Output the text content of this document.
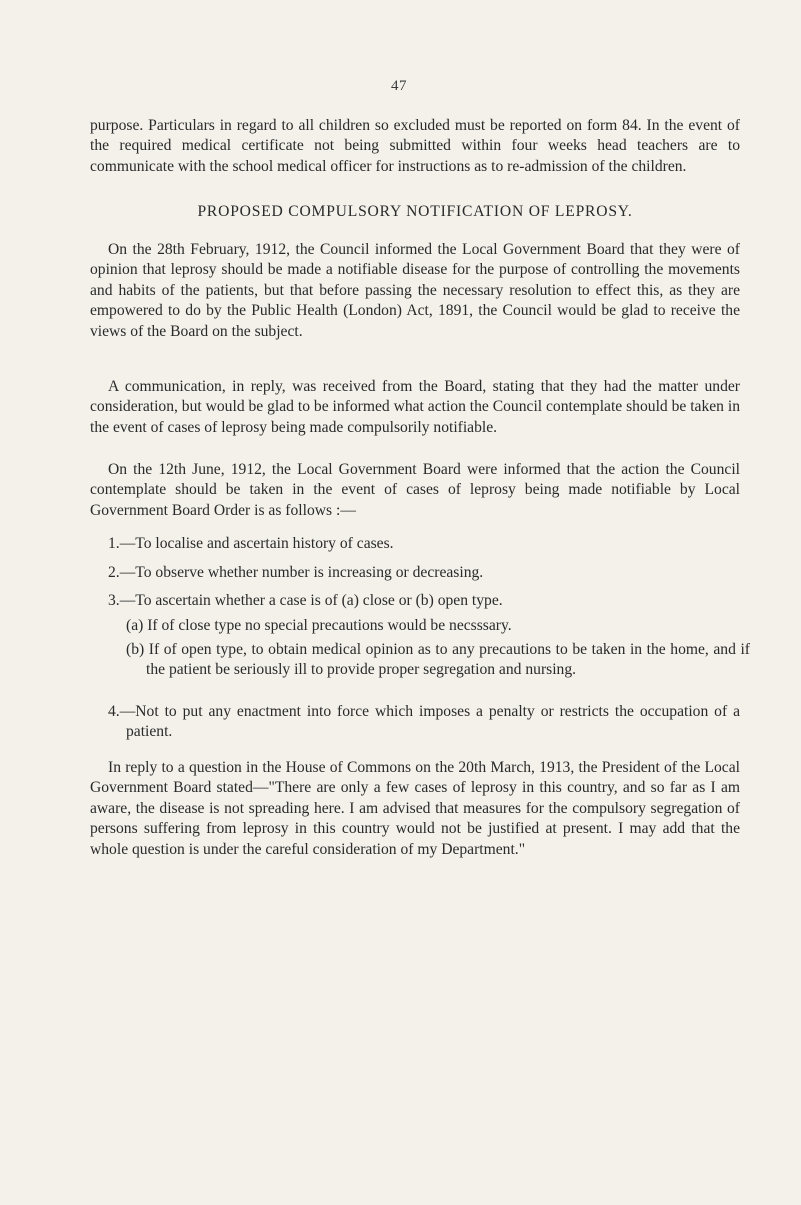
47
purpose. Particulars in regard to all children so excluded must be reported on form 84. In the event of the required medical certificate not being submitted within four weeks head teachers are to communicate with the school medical officer for instructions as to re-admission of the children.
PROPOSED COMPULSORY NOTIFICATION OF LEPROSY.
On the 28th February, 1912, the Council informed the Local Government Board that they were of opinion that leprosy should be made a notifiable disease for the purpose of controlling the movements and habits of the patients, but that before passing the necessary resolution to effect this, as they are empowered to do by the Public Health (London) Act, 1891, the Council would be glad to receive the views of the Board on the subject.
A communication, in reply, was received from the Board, stating that they had the matter under consideration, but would be glad to be informed what action the Council contemplate should be taken in the event of cases of leprosy being made compulsorily notifiable.
On the 12th June, 1912, the Local Government Board were informed that the action the Council contemplate should be taken in the event of cases of leprosy being made notifiable by Local Government Board Order is as follows :—
1.—To localise and ascertain history of cases.
2.—To observe whether number is increasing or decreasing.
3.—To ascertain whether a case is of (a) close or (b) open type.
(a) If of close type no special precautions would be necsssary.
(b) If of open type, to obtain medical opinion as to any precautions to be taken in the home, and if the patient be seriously ill to provide proper segregation and nursing.
4.—Not to put any enactment into force which imposes a penalty or restricts the occupation of a patient.
In reply to a question in the House of Commons on the 20th March, 1913, the President of the Local Government Board stated—"There are only a few cases of leprosy in this country, and so far as I am aware, the disease is not spreading here. I am advised that measures for the compulsory segregation of persons suffering from leprosy in this country would not be justified at present. I may add that the whole question is under the careful consideration of my Department."
